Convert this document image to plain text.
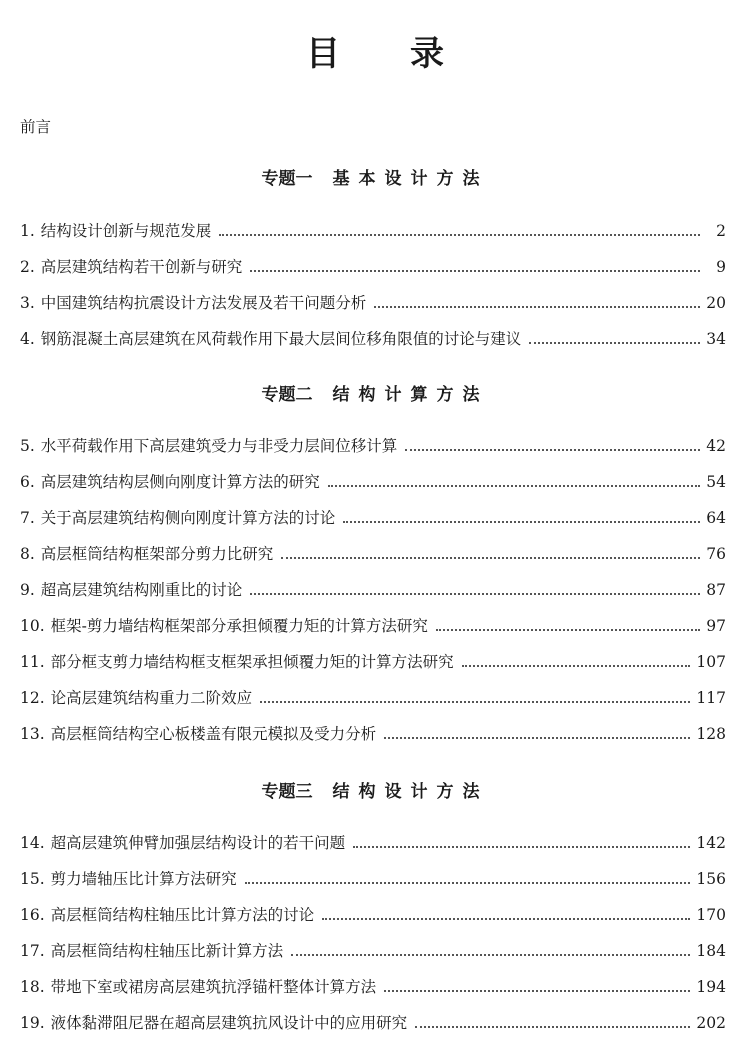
目 录
前言
专题一 基本设计方法
1. 结构设计创新与规范发展	2
2. 高层建筑结构若干创新与研究	9
3. 中国建筑结构抗震设计方法发展及若干问题分析	20
4. 钢筋混凝土高层建筑在风荷载作用下最大层间位移角限值的讨论与建议	34
专题二 结构计算方法
5. 水平荷载作用下高层建筑受力与非受力层间位移计算	42
6. 高层建筑结构层侧向刚度计算方法的研究	54
7. 关于高层建筑结构侧向刚度计算方法的讨论	64
8. 高层框筒结构框架部分剪力比研究	76
9. 超高层建筑结构刚重比的讨论	87
10. 框架-剪力墙结构框架部分承担倾覆力矩的计算方法研究	97
11. 部分框支剪力墙结构框支框架承担倾覆力矩的计算方法研究	107
12. 论高层建筑结构重力二阶效应	117
13. 高层框筒结构空心板楼盖有限元模拟及受力分析	128
专题三 结构设计方法
14. 超高层建筑伸臂加强层结构设计的若干问题	142
15. 剪力墙轴压比计算方法研究	156
16. 高层框筒结构柱轴压比计算方法的讨论	170
17. 高层框筒结构柱轴压比新计算方法	184
18. 带地下室或裙房高层建筑抗浮锚杆整体计算方法	194
19. 液体黏滞阻尼器在超高层建筑抗风设计中的应用研究	202
